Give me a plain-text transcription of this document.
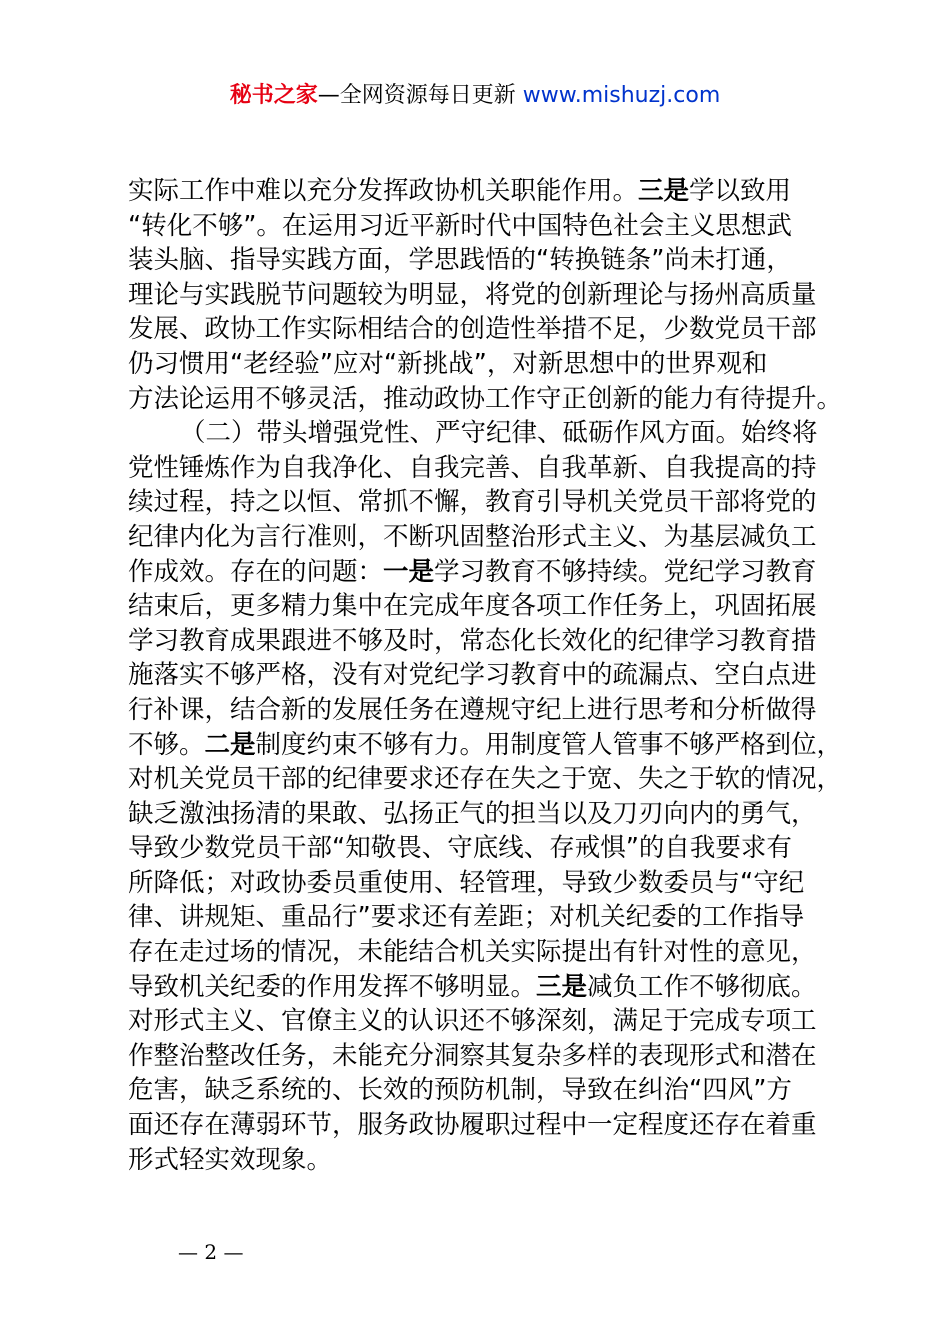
秘书之家—全网资源每日更新 www.mishuzj.com
实际工作中难以充分发挥政协机关职能作用。三是学以致用
“转化不够”。在运用习近平新时代中国特色社会主义思想武
装头脑、指导实践方面，学思践悟的“转换链条”尚未打通，
理论与实践脱节问题较为明显，将党的创新理论与扬州高质量
发展、政协工作实际相结合的创造性举措不足，少数党员干部
仍习惯用“老经验”应对“新挑战”，对新思想中的世界观和
方法论运用不够灵活，推动政协工作守正创新的能力有待提升。
（二）带头增强党性、严守纪律、砥砺作风方面。始终将
党性锤炼作为自我净化、自我完善、自我革新、自我提高的持
续过程，持之以恒、常抓不懈，教育引导机关党员干部将党的
纪律内化为言行准则，不断巩固整治形式主义、为基层减负工
作成效。存在的问题：一是学习教育不够持续。党纪学习教育
结束后，更多精力集中在完成年度各项工作任务上，巩固拓展
学习教育成果跟进不够及时，常态化长效化的纪律学习教育措
施落实不够严格，没有对党纪学习教育中的疏漏点、空白点进
行补课，结合新的发展任务在遵规守纪上进行思考和分析做得
不够。二是制度约束不够有力。用制度管人管事不够严格到位，
对机关党员干部的纪律要求还存在失之于宽、失之于软的情况，
缺乏激浊扬清的果敢、弘扬正气的担当以及刀刃向内的勇气，
导致少数党员干部“知敬畏、守底线、存戒惧”的自我要求有
所降低；对政协委员重使用、轻管理，导致少数委员与“守纪
律、讲规矩、重品行”要求还有差距；对机关纪委的工作指导
存在走过场的情况，未能结合机关实际提出有针对性的意见，
导致机关纪委的作用发挥不够明显。三是减负工作不够彻底。
对形式主义、官僚主义的认识还不够深刻，满足于完成专项工
作整治整改任务，未能充分洞察其复杂多样的表现形式和潜在
危害，缺乏系统的、长效的预防机制，导致在纠治“四风”方
面还存在薄弱环节，服务政协履职过程中一定程度还存在着重
形式轻实效现象。
— 2 —
